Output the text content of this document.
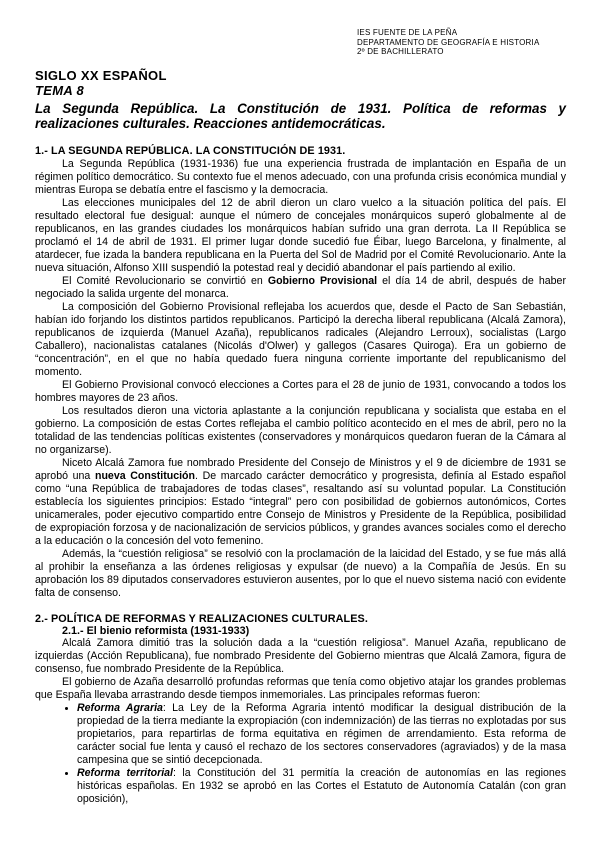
IES FUENTE DE LA PEÑA
DEPARTAMENTO DE GEOGRAFÍA E HISTORIA
2º DE BACHILLERATO
SIGLO XX ESPAÑOL
TEMA 8
La Segunda República. La Constitución de 1931. Política de reformas y realizaciones culturales. Reacciones antidemocráticas.
1.- LA SEGUNDA REPÚBLICA. LA CONSTITUCIÓN DE 1931.

La Segunda República (1931-1936) fue una experiencia frustrada de implantación en España de un régimen político democrático. Su contexto fue el menos adecuado, con una profunda crisis económica mundial y mientras Europa se debatía entre el fascismo y la democracia.

Las elecciones municipales del 12 de abril dieron un claro vuelco a la situación política del país. El resultado electoral fue desigual: aunque el número de concejales monárquicos superó globalmente al de republicanos, en las grandes ciudades los monárquicos habían sufrido una gran derrota. La II República se proclamó el 14 de abril de 1931. El primer lugar donde sucedió fue Éibar, luego Barcelona, y finalmente, al atardecer, fue izada la bandera republicana en la Puerta del Sol de Madrid por el Comité Revolucionario. Ante la nueva situación, Alfonso XIII suspendió la potestad real y decidió abandonar el país partiendo al exilio.

El Comité Revolucionario se convirtió en Gobierno Provisional el día 14 de abril, después de haber negociado la salida urgente del monarca.

La composición del Gobierno Provisional reflejaba los acuerdos que, desde el Pacto de San Sebastián, habían ido forjando los distintos partidos republicanos. Participó la derecha liberal republicana (Alcalá Zamora), republicanos de izquierda (Manuel Azaña), republicanos radicales (Alejandro Lerroux), socialistas (Largo Caballero), nacionalistas catalanes (Nicolás d'Olwer) y gallegos (Casares Quiroga). Era un gobierno de “concentración”, en el que no había quedado fuera ninguna corriente importante del republicanismo del momento.

El Gobierno Provisional convocó elecciones a Cortes para el 28 de junio de 1931, convocando a todos los hombres mayores de 23 años.

Los resultados dieron una victoria aplastante a la conjunción republicana y socialista que estaba en el gobierno. La composición de estas Cortes reflejaba el cambio político acontecido en el mes de abril, pero no la totalidad de las tendencias políticas existentes (conservadores y monárquicos quedaron fueran de la Cámara al no organizarse).

Niceto Alcalá Zamora fue nombrado Presidente del Consejo de Ministros y el 9 de diciembre de 1931 se aprobó una nueva Constitución. De marcado carácter democrático y progresista, definía al Estado español como “una República de trabajadores de todas clases”, resaltando así su voluntad popular. La Constitución establecía los siguientes principios: Estado “integral” pero con posibilidad de gobiernos autonómicos, Cortes unicamerales, poder ejecutivo compartido entre Consejo de Ministros y Presidente de la República, posibilidad de expropiación forzosa y de nacionalización de servicios públicos, y grandes avances sociales como el derecho a la educación o la concesión del voto femenino.

Además, la “cuestión religiosa” se resolvió con la proclamación de la laicidad del Estado, y se fue más allá al prohibir la enseñanza a las órdenes religiosas y expulsar (de nuevo) a la Compañía de Jesús. En su aprobación los 89 diputados conservadores estuvieron ausentes, por lo que el nuevo sistema nació con evidente falta de consenso.

2.- POLÍTICA DE REFORMAS Y REALIZACIONES CULTURALES.
2.1.- El bienio reformista (1931-1933)

Alcalá Zamora dimitió tras la solución dada a la “cuestión religiosa”. Manuel Azaña, republicano de izquierdas (Acción Republicana), fue nombrado Presidente del Gobierno mientras que Alcalá Zamora, figura de consenso, fue nombrado Presidente de la República.

El gobierno de Azaña desarrolló profundas reformas que tenía como objetivo atajar los grandes problemas que España llevaba arrastrando desde tiempos inmemoriales. Las principales reformas fueron:

• Reforma Agraria: La Ley de la Reforma Agraria intentó modificar la desigual distribución de la propiedad de la tierra mediante la expropiación (con indemnización) de las tierras no explotadas por sus propietarios, para repartirlas de forma equitativa en régimen de arrendamiento. Esta reforma de carácter social fue lenta y causó el rechazo de los sectores conservadores (agraviados) y de la masa campesina que se sintió decepcionada.
• Reforma territorial: la Constitución del 31 permitía la creación de autonomías en las regiones históricas españolas. En 1932 se aprobó en las Cortes el Estatuto de Autonomía Catalán (con gran oposición),
